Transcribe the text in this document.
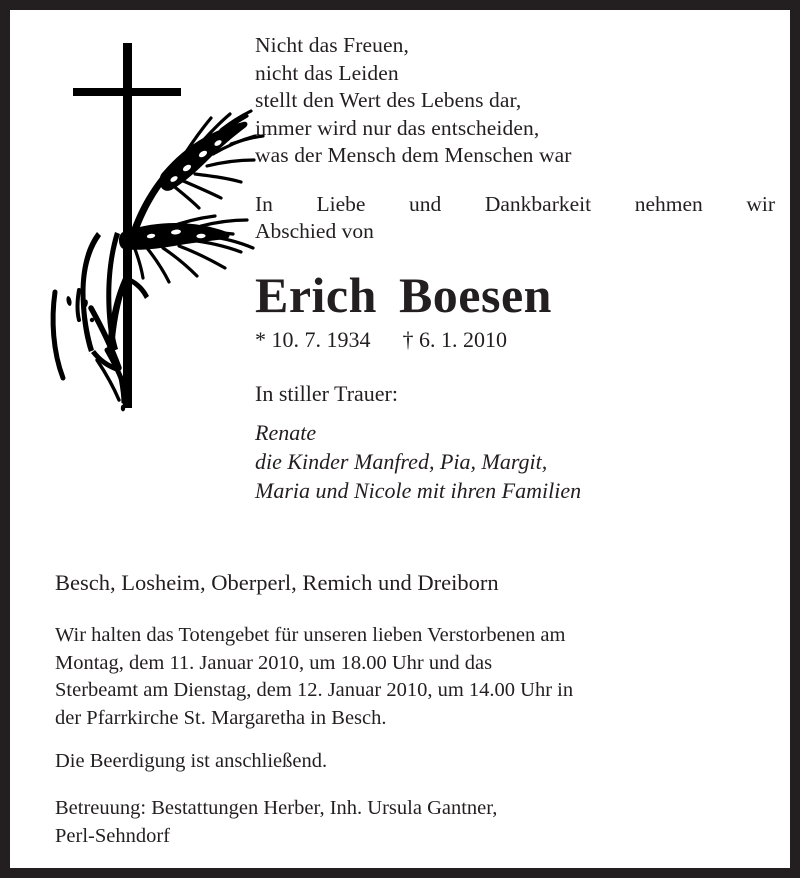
Nicht das Freuen,
nicht das Leiden
stellt den Wert des Lebens dar,
immer wird nur das entscheiden,
was der Mensch dem Menschen war
In Liebe und Dankbarkeit nehmen wir
Abschied von
Erich Boesen
* 10. 7. 1934 † 6. 1. 2010
In stiller Trauer:
Renate
die Kinder Manfred, Pia, Margit,
Maria und Nicole mit ihren Familien
Besch, Losheim, Oberperl, Remich und Dreiborn
Wir halten das Totengebet für unseren lieben Verstorbenen am
Montag, dem 11. Januar 2010, um 18.00 Uhr und das
Sterbeamt am Dienstag, dem 12. Januar 2010, um 14.00 Uhr in
der Pfarrkirche St. Margaretha in Besch.
Die Beerdigung ist anschließend.
Betreuung: Bestattungen Herber, Inh. Ursula Gantner,
Perl-Sehndorf
